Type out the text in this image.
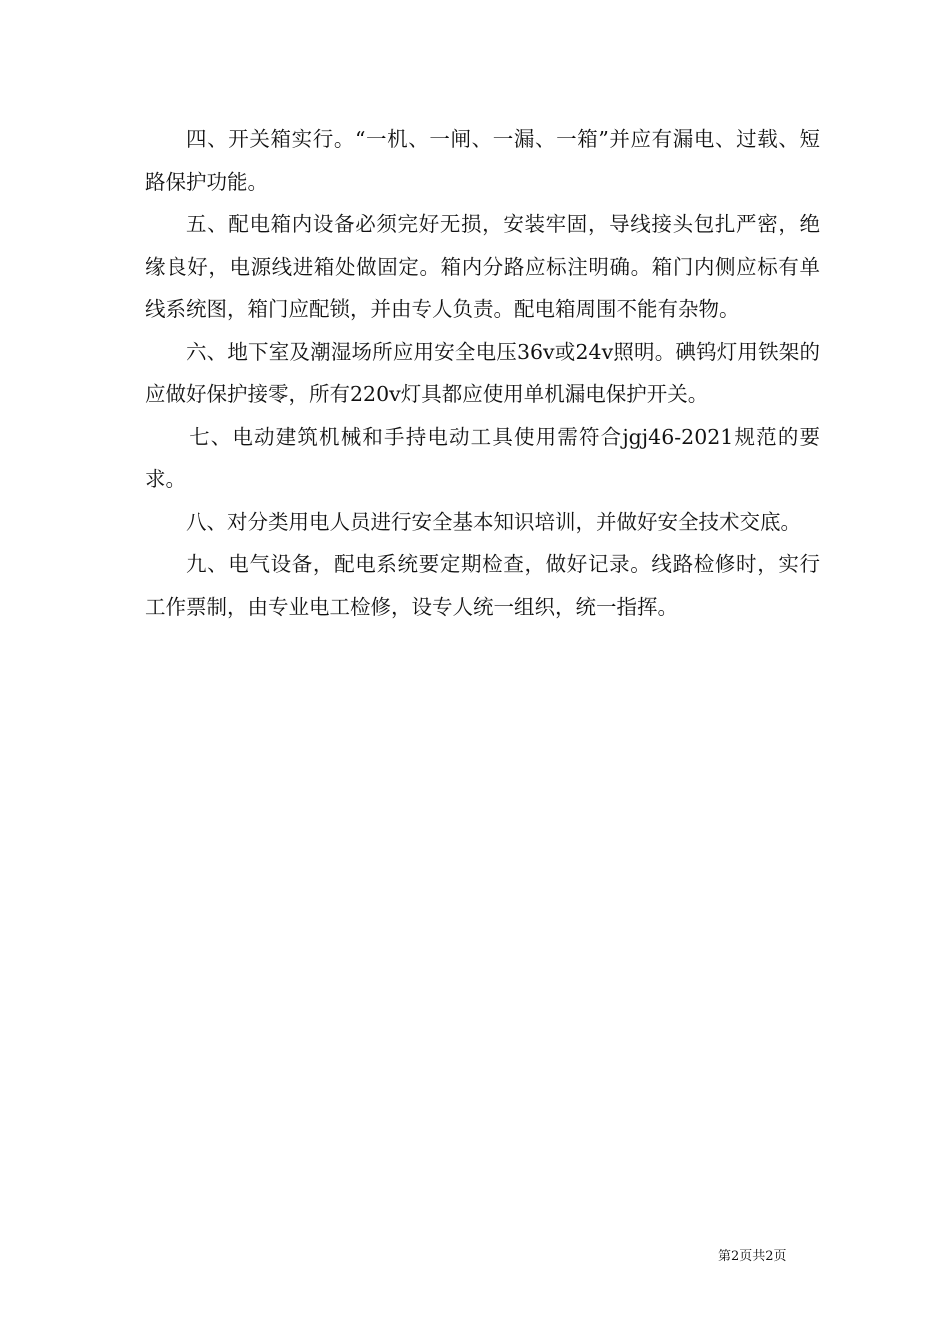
四、开关箱实行。“一机、一闸、一漏、一箱”并应有漏电、过载、短路保护功能。

五、配电箱内设备必须完好无损，安装牢固，导线接头包扎严密，绝缘良好，电源线进箱处做固定。箱内分路应标注明确。箱门内侧应标有单线系统图，箱门应配锁，并由专人负责。配电箱周围不能有杂物。

六、地下室及潮湿场所应用安全电压36v或24v照明。碘钨灯用铁架的应做好保护接零，所有220v灯具都应使用单机漏电保护开关。

七、电动建筑机械和手持电动工具使用需符合jgj46-2021规范的要求。

八、对分类用电人员进行安全基本知识培训，并做好安全技术交底。

九、电气设备，配电系统要定期检查，做好记录。线路检修时，实行工作票制，由专业电工检修，设专人统一组织，统一指挥。

第2页共2页
